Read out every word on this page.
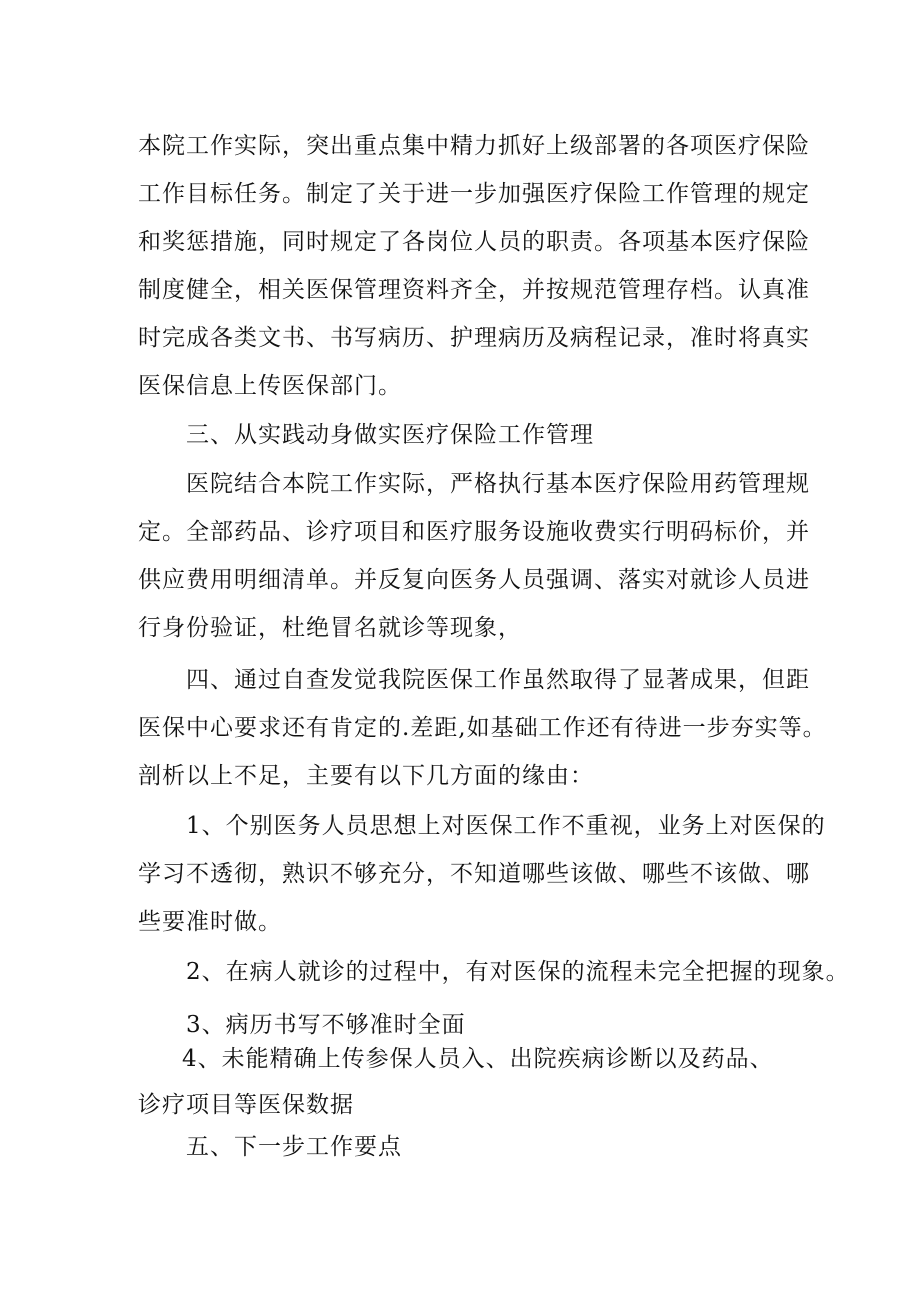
本院工作实际，突出重点集中精力抓好上级部署的各项医疗保险
工作目标任务。制定了关于进一步加强医疗保险工作管理的规定
和奖惩措施，同时规定了各岗位人员的职责。各项基本医疗保险
制度健全，相关医保管理资料齐全，并按规范管理存档。认真准
时完成各类文书、书写病历、护理病历及病程记录，准时将真实
医保信息上传医保部门。
三、从实践动身做实医疗保险工作管理
医院结合本院工作实际，严格执行基本医疗保险用药管理规
定。全部药品、诊疗项目和医疗服务设施收费实行明码标价，并
供应费用明细清单。并反复向医务人员强调、落实对就诊人员进
行身份验证，杜绝冒名就诊等现象，
四、通过自查发觉我院医保工作虽然取得了显著成果，但距
医保中心要求还有肯定的.差距,如基础工作还有待进一步夯实等。
剖析以上不足，主要有以下几方面的缘由：
1、个别医务人员思想上对医保工作不重视，业务上对医保的
学习不透彻，熟识不够充分，不知道哪些该做、哪些不该做、哪
些要准时做。
2、在病人就诊的过程中，有对医保的流程未完全把握的现象。
3、病历书写不够准时全面
4、未能精确上传参保人员入、出院疾病诊断以及药品、
诊疗项目等医保数据
五、下一步工作要点
